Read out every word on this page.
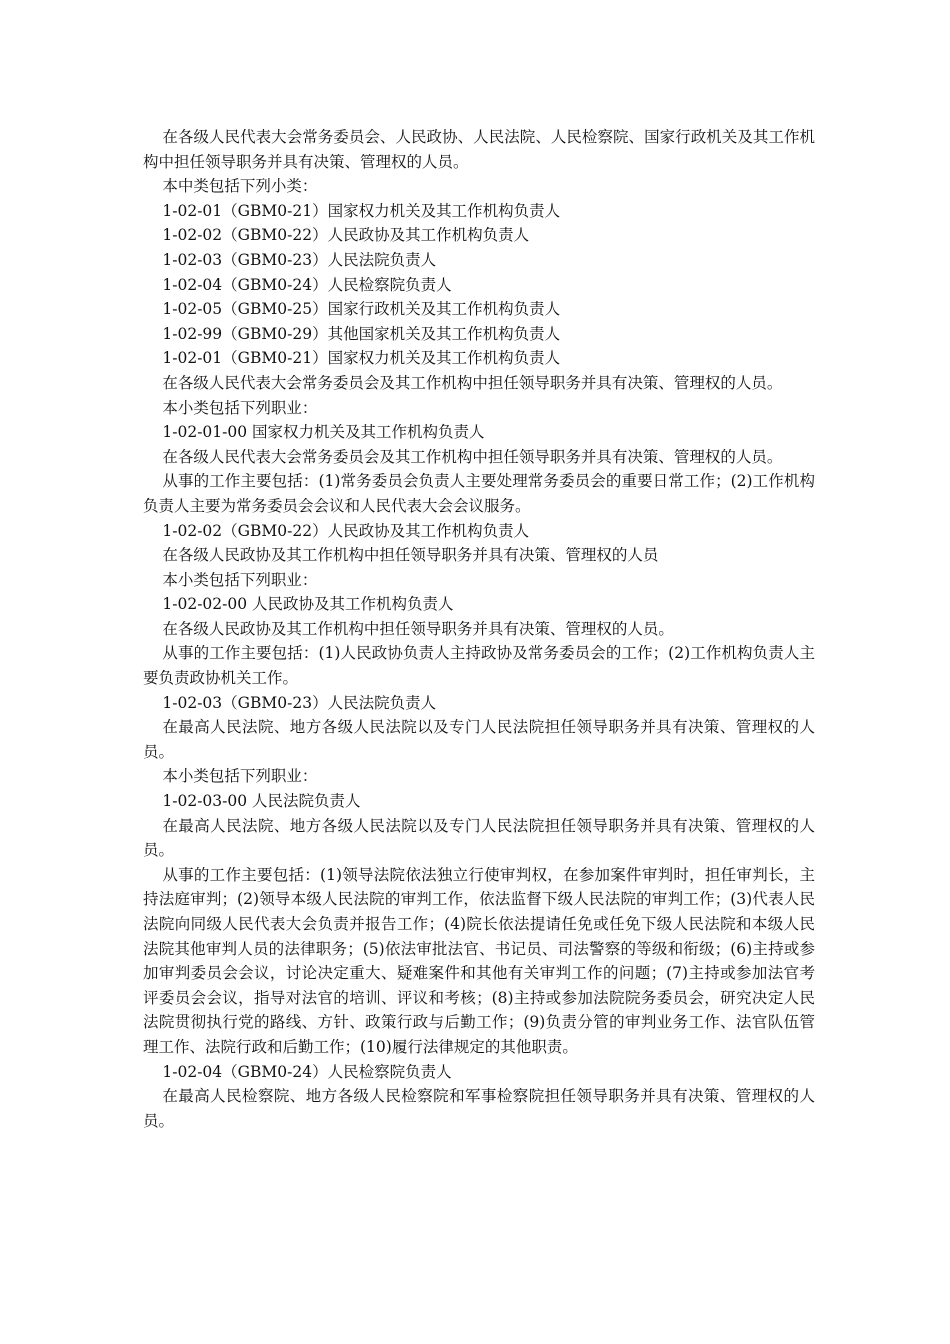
在各级人民代表大会常务委员会、人民政协、人民法院、人民检察院、国家行政机关及其工作机构中担任领导职务并具有决策、管理权的人员。

本中类包括下列小类：

1-02-01（GBM0-21）国家权力机关及其工作机构负责人

1-02-02（GBM0-22）人民政协及其工作机构负责人

1-02-03（GBM0-23）人民法院负责人

1-02-04（GBM0-24）人民检察院负责人

1-02-05（GBM0-25）国家行政机关及其工作机构负责人

1-02-99（GBM0-29）其他国家机关及其工作机构负责人

1-02-01（GBM0-21）国家权力机关及其工作机构负责人

在各级人民代表大会常务委员会及其工作机构中担任领导职务并具有决策、管理权的人员。

本小类包括下列职业：

1-02-01-00 国家权力机关及其工作机构负责人

在各级人民代表大会常务委员会及其工作机构中担任领导职务并具有决策、管理权的人员。

从事的工作主要包括：(1)常务委员会负责人主要处理常务委员会的重要日常工作；(2)工作机构负责人主要为常务委员会会议和人民代表大会会议服务。

1-02-02（GBM0-22）人民政协及其工作机构负责人

在各级人民政协及其工作机构中担任领导职务并具有决策、管理权的人员

本小类包括下列职业：

1-02-02-00 人民政协及其工作机构负责人

在各级人民政协及其工作机构中担任领导职务并具有决策、管理权的人员。

从事的工作主要包括：(1)人民政协负责人主持政协及常务委员会的工作；(2)工作机构负责人主要负责政协机关工作。

1-02-03（GBM0-23）人民法院负责人

在最高人民法院、地方各级人民法院以及专门人民法院担任领导职务并具有决策、管理权的人员。

本小类包括下列职业：

1-02-03-00 人民法院负责人

在最高人民法院、地方各级人民法院以及专门人民法院担任领导职务并具有决策、管理权的人员。

从事的工作主要包括：(1)领导法院依法独立行使审判权，在参加案件审判时，担任审判长，主持法庭审判；(2)领导本级人民法院的审判工作，依法监督下级人民法院的审判工作；(3)代表人民法院向同级人民代表大会负责并报告工作；(4)院长依法提请任免或任免下级人民法院和本级人民法院其他审判人员的法律职务；(5)依法审批法官、书记员、司法警察的等级和衔级；(6)主持或参加审判委员会会议，讨论决定重大、疑难案件和其他有关审判工作的问题；(7)主持或参加法官考评委员会会议，指导对法官的培训、评议和考核；(8)主持或参加法院院务委员会，研究决定人民法院贯彻执行党的路线、方针、政策行政与后勤工作；(9)负责分管的审判业务工作、法官队伍管理工作、法院行政和后勤工作；(10)履行法律规定的其他职责。

1-02-04（GBM0-24）人民检察院负责人

在最高人民检察院、地方各级人民检察院和军事检察院担任领导职务并具有决策、管理权的人员。
